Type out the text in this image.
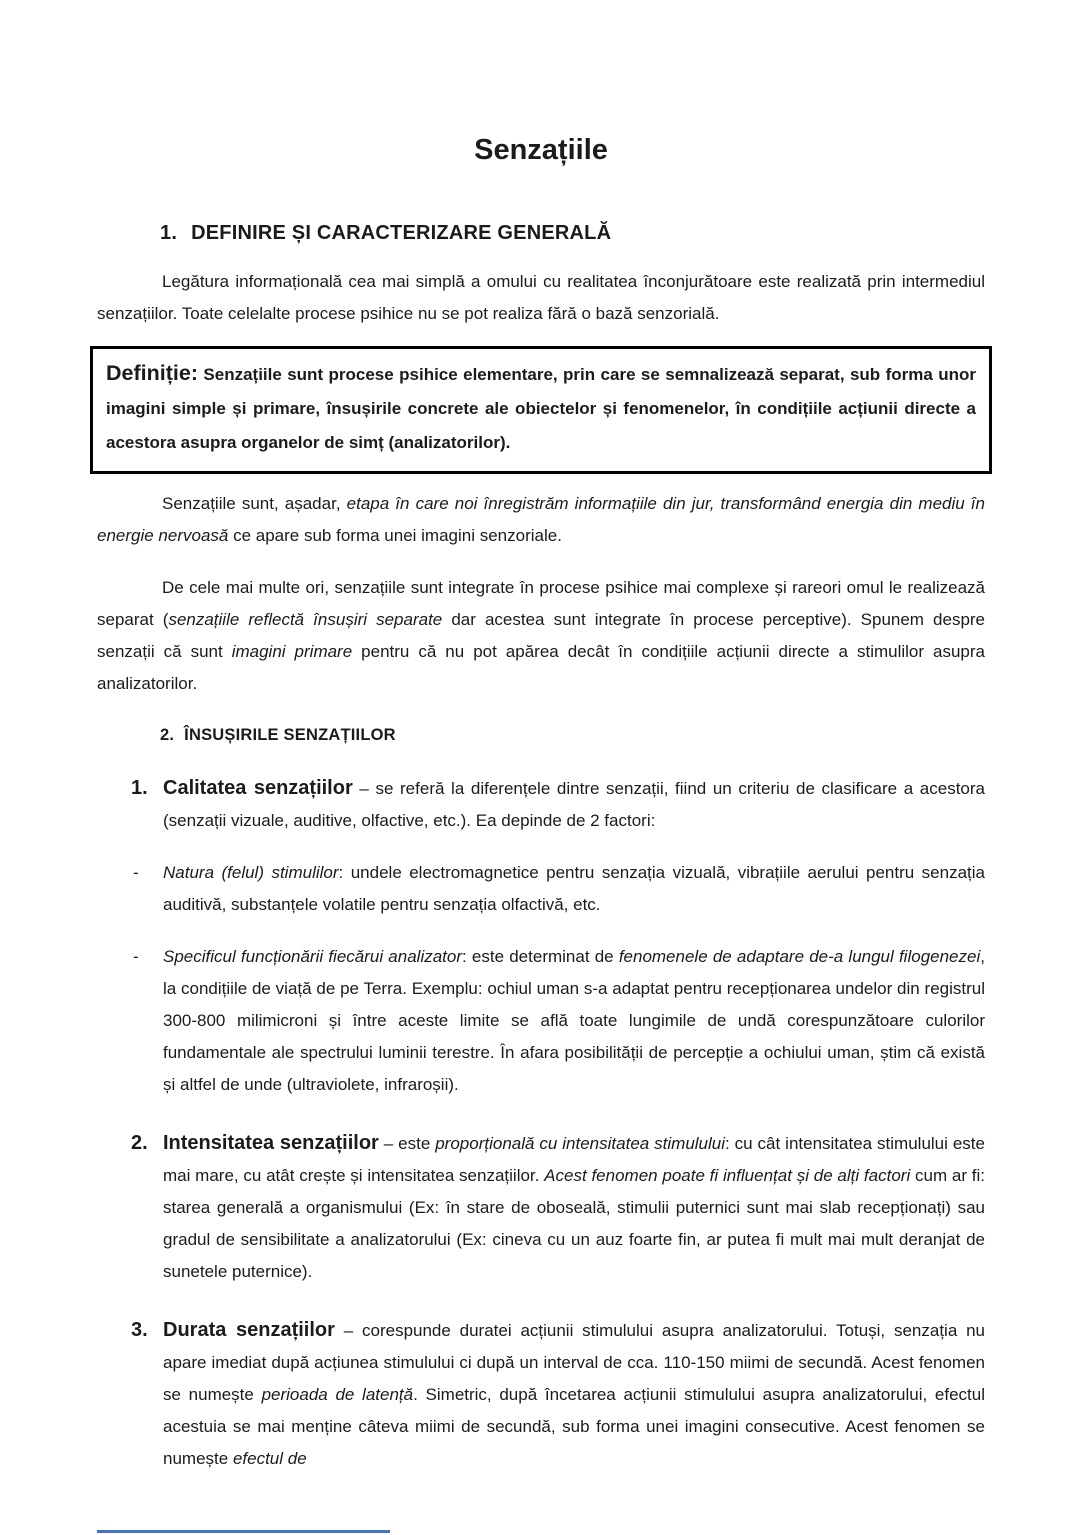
Senzațiile
1. DEFINIRE ȘI CARACTERIZARE GENERALĂ
Legătura informațională cea mai simplă a omului cu realitatea înconjurătoare este realizată prin intermediul senzațiilor. Toate celelalte procese psihice nu se pot realiza fără o bază senzorială.
Definiție: Senzațiile sunt procese psihice elementare, prin care se semnalizează separat, sub forma unor imagini simple și primare, însușirile concrete ale obiectelor și fenomenelor, în condițiile acțiunii directe a acestora asupra organelor de simț (analizatorilor).
Senzațiile sunt, așadar, etapa în care noi înregistrăm informațiile din jur, transformând energia din mediu în energie nervoasă ce apare sub forma unei imagini senzoriale.
De cele mai multe ori, senzațiile sunt integrate în procese psihice mai complexe și rareori omul le realizează separat (senzațiile reflectă însușiri separate dar acestea sunt integrate în procese perceptive). Spunem despre senzații că sunt imagini primare pentru că nu pot apărea decât în condițiile acțiunii directe a stimulilor asupra analizatorilor.
2. ÎNSUȘIRILE SENZAȚIILOR
1. Calitatea senzațiilor – se referă la diferențele dintre senzații, fiind un criteriu de clasificare a acestora (senzații vizuale, auditive, olfactive, etc.). Ea depinde de 2 factori:
- Natura (felul) stimulilor: undele electromagnetice pentru senzația vizuală, vibrațiile aerului pentru senzația auditivă, substanțele volatile pentru senzația olfactivă, etc.
- Specificul funcționării fiecărui analizator: este determinat de fenomenele de adaptare de-a lungul filogenezei, la condițiile de viață de pe Terra. Exemplu: ochiul uman s-a adaptat pentru recepționarea undelor din registrul 300-800 milimicroni și între aceste limite se află toate lungimile de undă corespunzătoare culorilor fundamentale ale spectrului luminii terestre. În afara posibilității de percepție a ochiului uman, știm că există și altfel de unde (ultraviolete, infraroșii).
2. Intensitatea senzațiilor – este proporțională cu intensitatea stimulului: cu cât intensitatea stimulului este mai mare, cu atât crește și intensitatea senzațiilor. Acest fenomen poate fi influențat și de alți factori cum ar fi: starea generală a organismului (Ex: în stare de oboseală, stimulii puternici sunt mai slab recepționați) sau gradul de sensibilitate a analizatorului (Ex: cineva cu un auz foarte fin, ar putea fi mult mai mult deranjat de sunetele puternice).
3. Durata senzațiilor – corespunde duratei acțiunii stimulului asupra analizatorului. Totuși, senzația nu apare imediat după acțiunea stimulului ci după un interval de cca. 110-150 miimi de secundă. Acest fenomen se numește perioada de latență. Simetric, după încetarea acțiunii stimulului asupra analizatorului, efectul acestuia se mai menține câteva miimi de secundă, sub forma unei imagini consecutive. Acest fenomen se numește efectul de
